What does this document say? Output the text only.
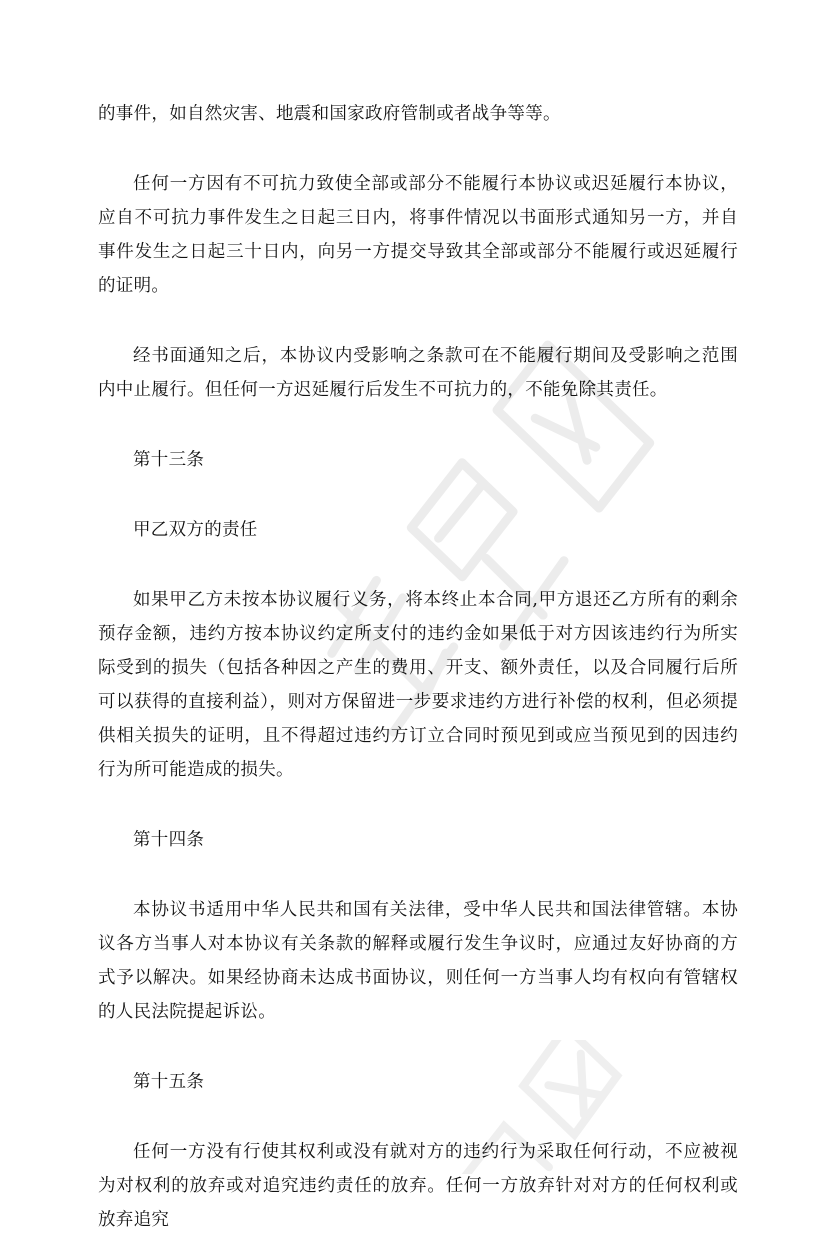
的事件，如自然灾害、地震和国家政府管制或者战争等等。

任何一方因有不可抗力致使全部或部分不能履行本协议或迟延履行本协议，应自不可抗力事件发生之日起三日内，将事件情况以书面形式通知另一方，并自事件发生之日起三十日内，向另一方提交导致其全部或部分不能履行或迟延履行的证明。

经书面通知之后，本协议内受影响之条款可在不能履行期间及受影响之范围内中止履行。但任何一方迟延履行后发生不可抗力的，不能免除其责任。

第十三条

甲乙双方的责任

如果甲乙方未按本协议履行义务，将本终止本合同,甲方退还乙方所有的剩余预存金额，违约方按本协议约定所支付的违约金如果低于对方因该违约行为所实际受到的损失（包括各种因之产生的费用、开支、额外责任，以及合同履行后所可以获得的直接利益），则对方保留进一步要求违约方进行补偿的权利，但必须提供相关损失的证明，且不得超过违约方订立合同时预见到或应当预见到的因违约行为所可能造成的损失。

第十四条

本协议书适用中华人民共和国有关法律，受中华人民共和国法律管辖。本协议各方当事人对本协议有关条款的解释或履行发生争议时，应通过友好协商的方式予以解决。如果经协商未达成书面协议，则任何一方当事人均有权向有管辖权的人民法院提起诉讼。

第十五条

任何一方没有行使其权利或没有就对方的违约行为采取任何行动，不应被视为对权利的放弃或对追究违约责任的放弃。任何一方放弃针对对方的任何权利或放弃追究
